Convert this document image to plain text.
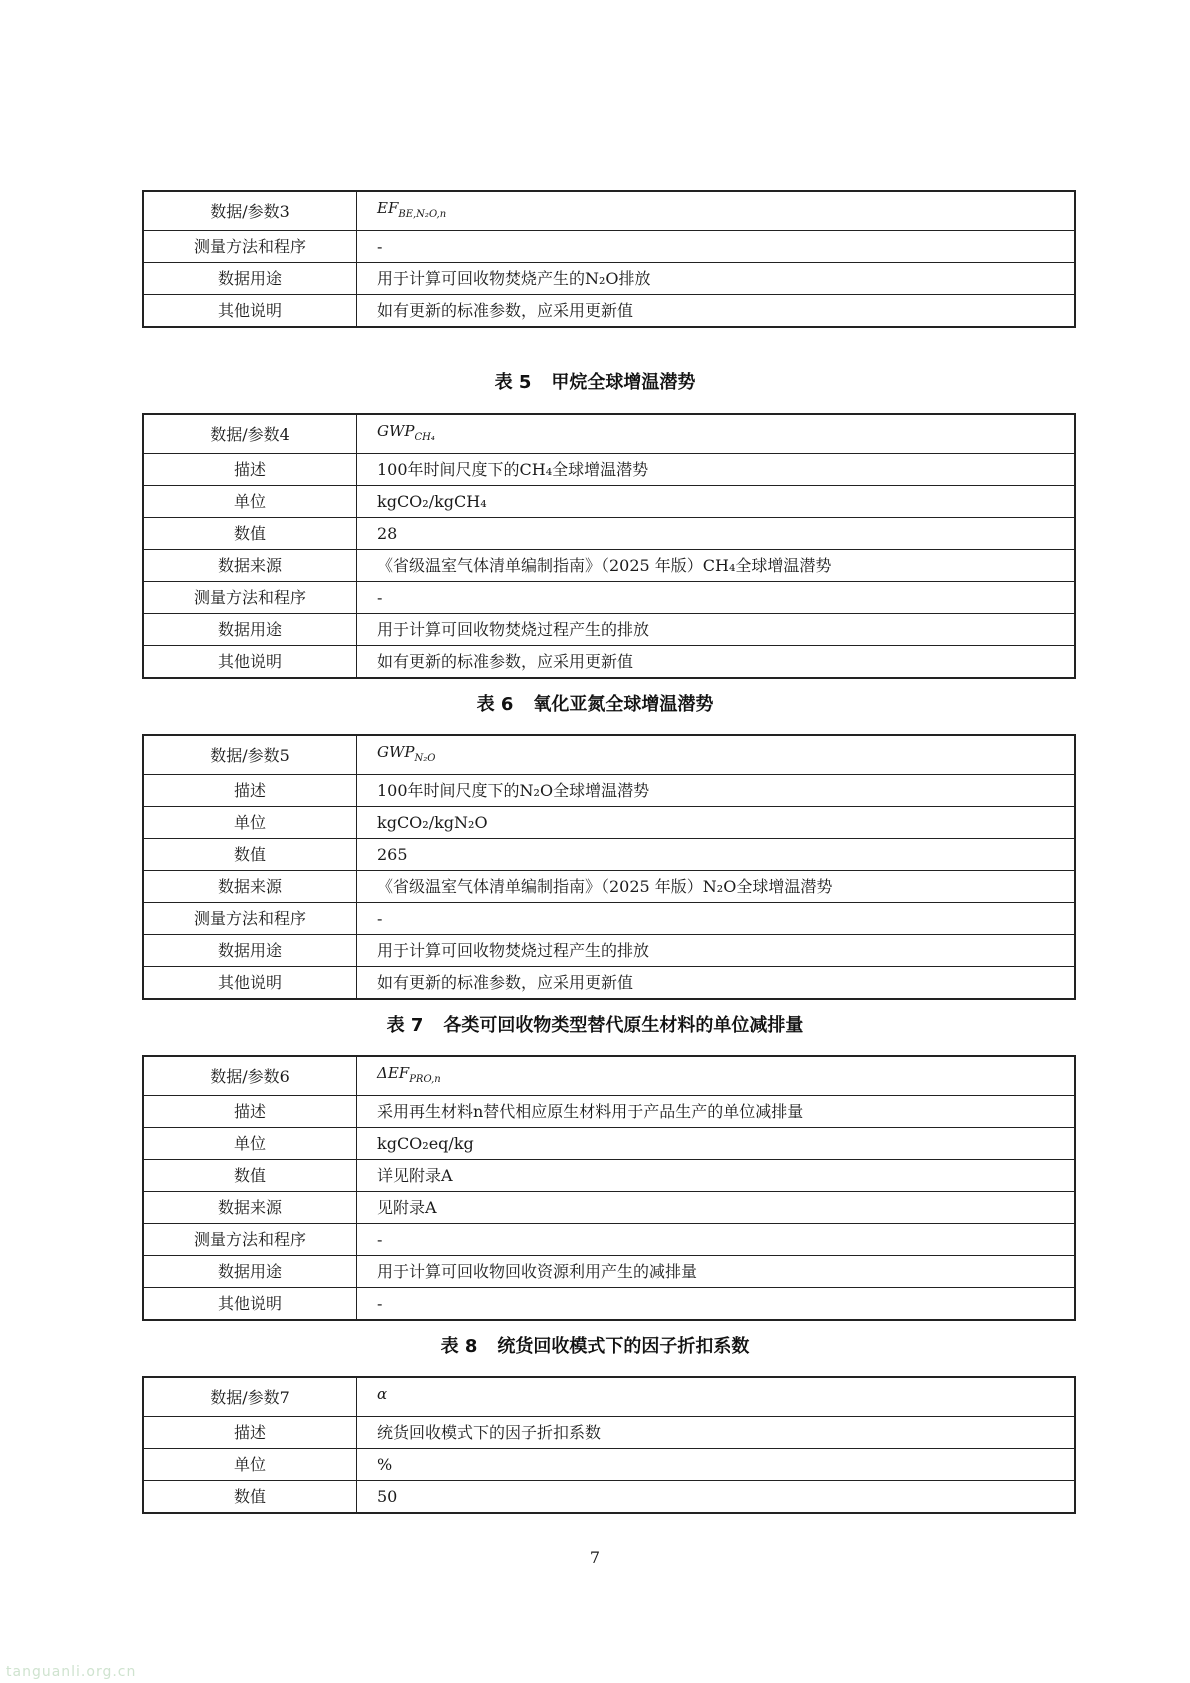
数据/参数3	$EF_{BE,N_2O,n}$
测量方法和程序	-
数据用途	用于计算可回收物焚烧产生的N₂O排放
其他说明	如有更新的标准参数，应采用更新值
表 5 甲烷全球增温潜势
数据/参数4	$GWP_{CH_4}$
描述	100年时间尺度下的CH₄全球增温潜势
单位	kgCO₂/kgCH₄
数值	28
数据来源	《省级温室气体清单编制指南》（2025 年版）CH₄全球增温潜势
测量方法和程序	-
数据用途	用于计算可回收物焚烧过程产生的排放
其他说明	如有更新的标准参数，应采用更新值
表 6 氧化亚氮全球增温潜势
数据/参数5	$GWP_{N_2O}$
描述	100年时间尺度下的N₂O全球增温潜势
单位	kgCO₂/kgN₂O
数值	265
数据来源	《省级温室气体清单编制指南》（2025 年版）N₂O全球增温潜势
测量方法和程序	-
数据用途	用于计算可回收物焚烧过程产生的排放
其他说明	如有更新的标准参数，应采用更新值
表 7 各类可回收物类型替代原生材料的单位减排量
数据/参数6	$\Delta EF_{PRO,n}$
描述	采用再生材料n替代相应原生材料用于产品生产的单位减排量
单位	kgCO₂eq/kg
数值	详见附录A
数据来源	见附录A
测量方法和程序	-
数据用途	用于计算可回收物回收资源利用产生的减排量
其他说明	-
表 8 统货回收模式下的因子折扣系数
数据/参数7	α
描述	统货回收模式下的因子折扣系数
单位	%
数值	50
7
tanguanli.org.cn
